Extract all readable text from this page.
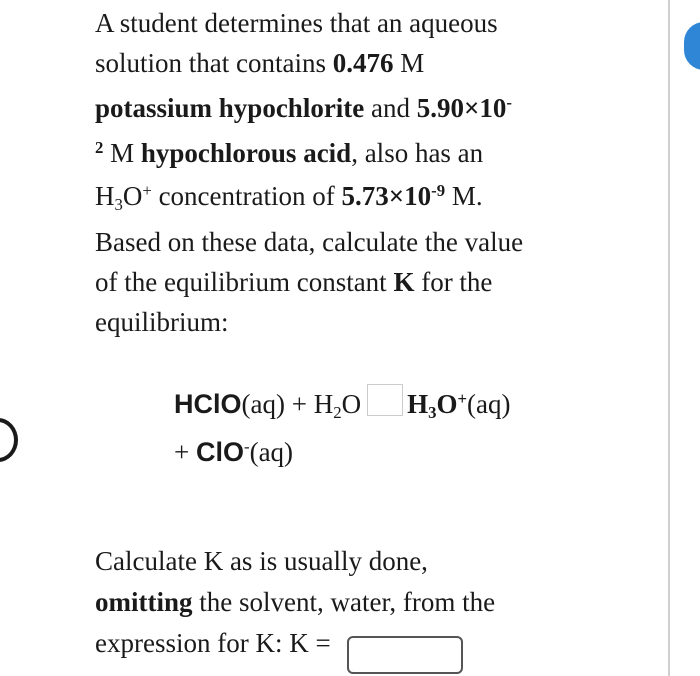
A student determines that an aqueous
solution that contains 0.476 M
potassium hypochlorite and 5.90×10-
$^2$ M hypochlorous acid, also has an
$H_3O^+$ concentration of $5.73\times 10^{-9}$ M.
Based on these data, calculate the value
of the equilibrium constant K for the
equilibrium:
HClO(aq) + $H_2O$ $H_3O^+(aq)$
+ ClO-(aq)
Calculate K as is usually done,
omitting the solvent, water, from the
expression for K: K =
